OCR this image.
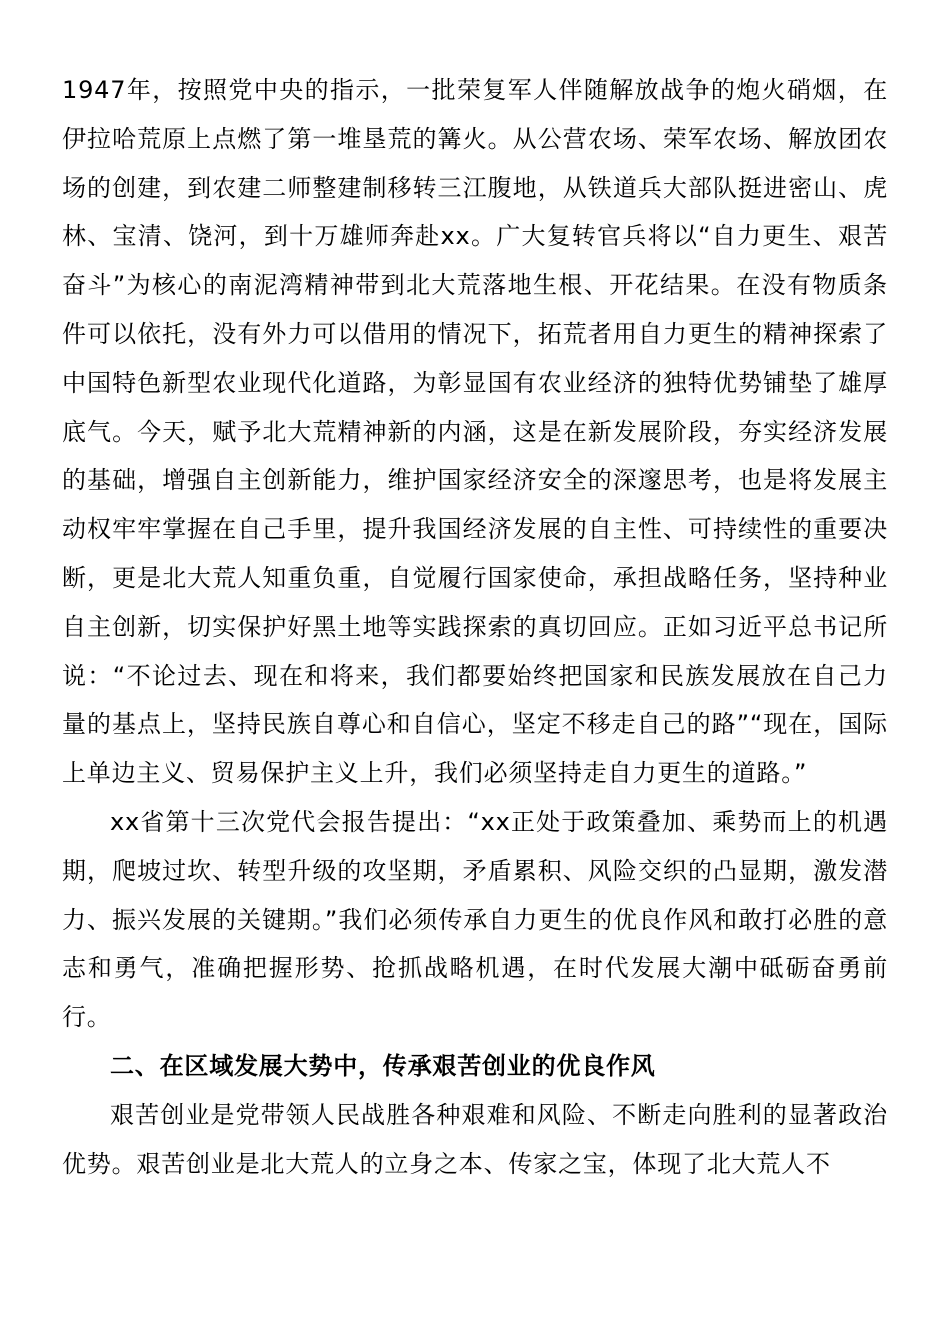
1947年，按照党中央的指示，一批荣复军人伴随解放战争的炮火硝烟，在伊拉哈荒原上点燃了第一堆垦荒的篝火。从公营农场、荣军农场、解放团农场的创建，到农建二师整建制移转三江腹地，从铁道兵大部队挺进密山、虎林、宝清、饶河，到十万雄师奔赴xx。广大复转官兵将以“自力更生、艰苦奋斗”为核心的南泥湾精神带到北大荒落地生根、开花结果。在没有物质条件可以依托，没有外力可以借用的情况下，拓荒者用自力更生的精神探索了中国特色新型农业现代化道路，为彰显国有农业经济的独特优势铺垫了雄厚底气。今天，赋予北大荒精神新的内涵，这是在新发展阶段，夯实经济发展的基础，增强自主创新能力，维护国家经济安全的深邃思考，也是将发展主动权牢牢掌握在自己手里，提升我国经济发展的自主性、可持续性的重要决断，更是北大荒人知重负重，自觉履行国家使命，承担战略任务，坚持种业自主创新，切实保护好黑土地等实践探索的真切回应。正如习近平总书记所说：“不论过去、现在和将来，我们都要始终把国家和民族发展放在自己力量的基点上，坚持民族自尊心和自信心，坚定不移走自己的路”“现在，国际上单边主义、贸易保护主义上升，我们必须坚持走自力更生的道路。”

xx省第十三次党代会报告提出：“xx正处于政策叠加、乘势而上的机遇期，爬坡过坎、转型升级的攻坚期，矛盾累积、风险交织的凸显期，激发潜力、振兴发展的关键期。”我们必须传承自力更生的优良作风和敢打必胜的意志和勇气，准确把握形势、抢抓战略机遇，在时代发展大潮中砥砺奋勇前行。

二、在区域发展大势中，传承艰苦创业的优良作风

艰苦创业是党带领人民战胜各种艰难和风险、不断走向胜利的显著政治优势。艰苦创业是北大荒人的立身之本、传家之宝，体现了北大荒人不
